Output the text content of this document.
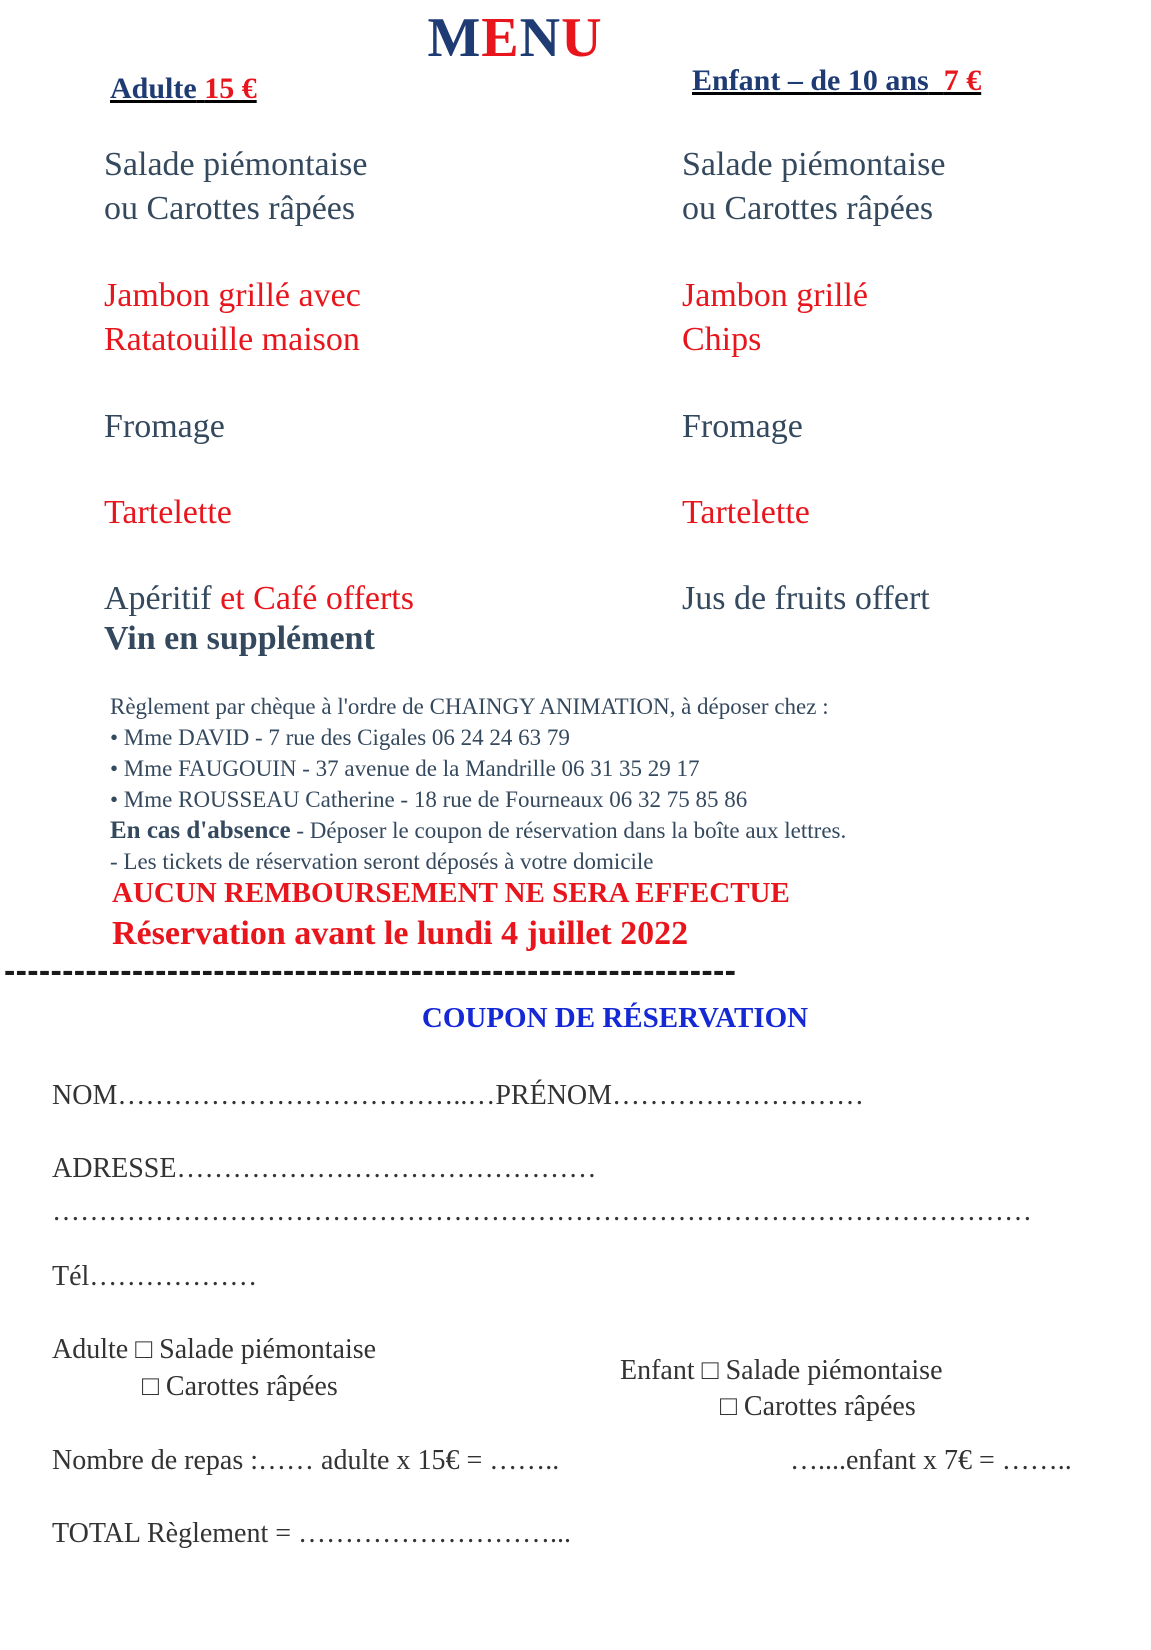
MENU
Adulte 15 €	Enfant – de 10 ans 7 €
Salade piémontaise
ou Carottes râpées
Jambon grillé avec
Ratatouille maison
Fromage
Tartelette
Apéritif et Café offerts
Vin en supplément
Salade piémontaise
ou Carottes râpées
Jambon grillé
Chips
Fromage
Tartelette
Jus de fruits offert
Règlement par chèque à l'ordre de CHAINGY ANIMATION, à déposer chez :
• Mme DAVID - 7 rue des Cigales 06 24 24 63 79
• Mme FAUGOUIN - 37 avenue de la Mandrille 06 31 35 29 17
• Mme ROUSSEAU Catherine - 18 rue de Fourneaux 06 32 75 85 86
En cas d'absence - Déposer le coupon de réservation dans la boîte aux lettres.
- Les tickets de réservation seront déposés à votre domicile
AUCUN REMBOURSEMENT NE SERA EFFECTUE
Réservation avant le lundi 4 juillet 2022
---------------------------------------------------------------
COUPON DE RÉSERVATION
NOM………………………………..…PRÉNOM………………………
ADRESSE………………………………………
……………………………………………………………………………………………
Tél………………
Adulte □ Salade piémontaise
□ Carottes râpées
Enfant □ Salade piémontaise
□ Carottes râpées
Nombre de repas :…… adulte x 15€ = ……..	…....enfant x 7€ = ……..
TOTAL Règlement = ………………………...
